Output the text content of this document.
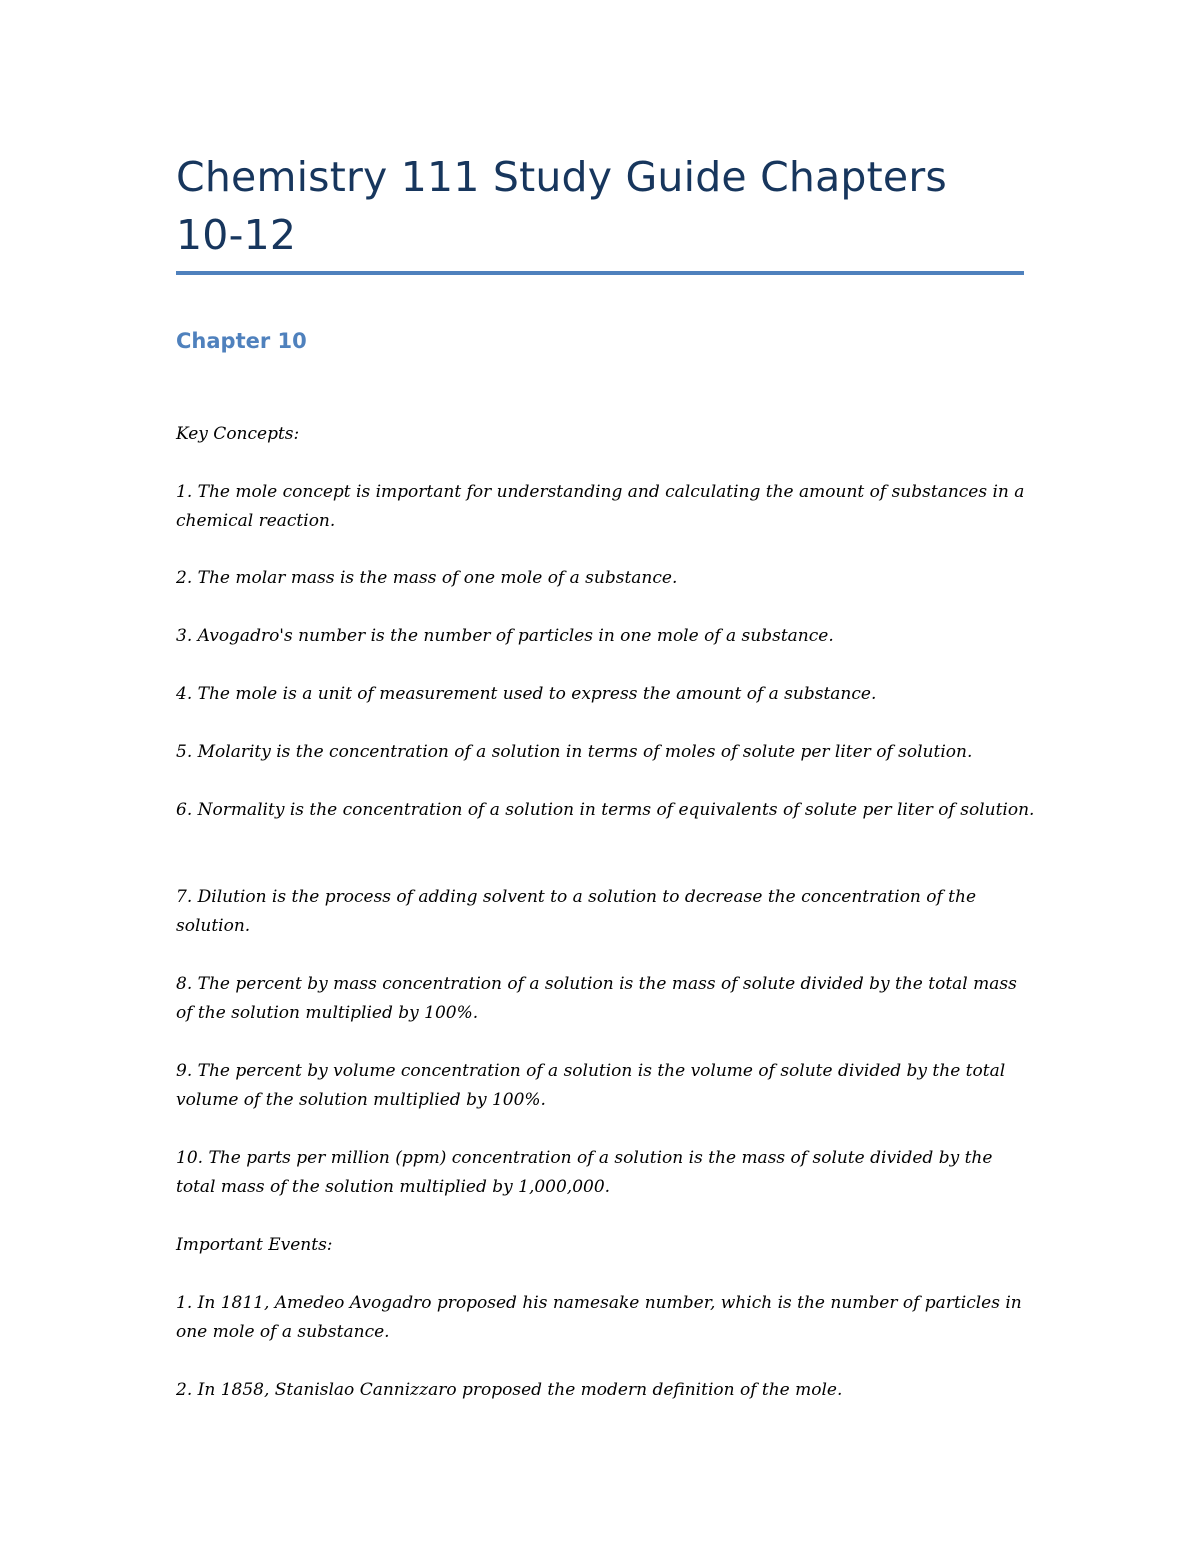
Chemistry 111 Study Guide Chapters
10-12
Chapter 10

Key Concepts:

1. The mole concept is important for understanding and calculating the amount of substances in a chemical reaction.

2. The molar mass is the mass of one mole of a substance.

3. Avogadro's number is the number of particles in one mole of a substance.

4. The mole is a unit of measurement used to express the amount of a substance.

5. Molarity is the concentration of a solution in terms of moles of solute per liter of solution.

6. Normality is the concentration of a solution in terms of equivalents of solute per liter of solution.

7. Dilution is the process of adding solvent to a solution to decrease the concentration of the solution.

8. The percent by mass concentration of a solution is the mass of solute divided by the total mass of the solution multiplied by 100%.

9. The percent by volume concentration of a solution is the volume of solute divided by the total volume of the solution multiplied by 100%.

10. The parts per million (ppm) concentration of a solution is the mass of solute divided by the total mass of the solution multiplied by 1,000,000.

Important Events:

1. In 1811, Amedeo Avogadro proposed his namesake number, which is the number of particles in one mole of a substance.

2. In 1858, Stanislao Cannizzaro proposed the modern definition of the mole.
